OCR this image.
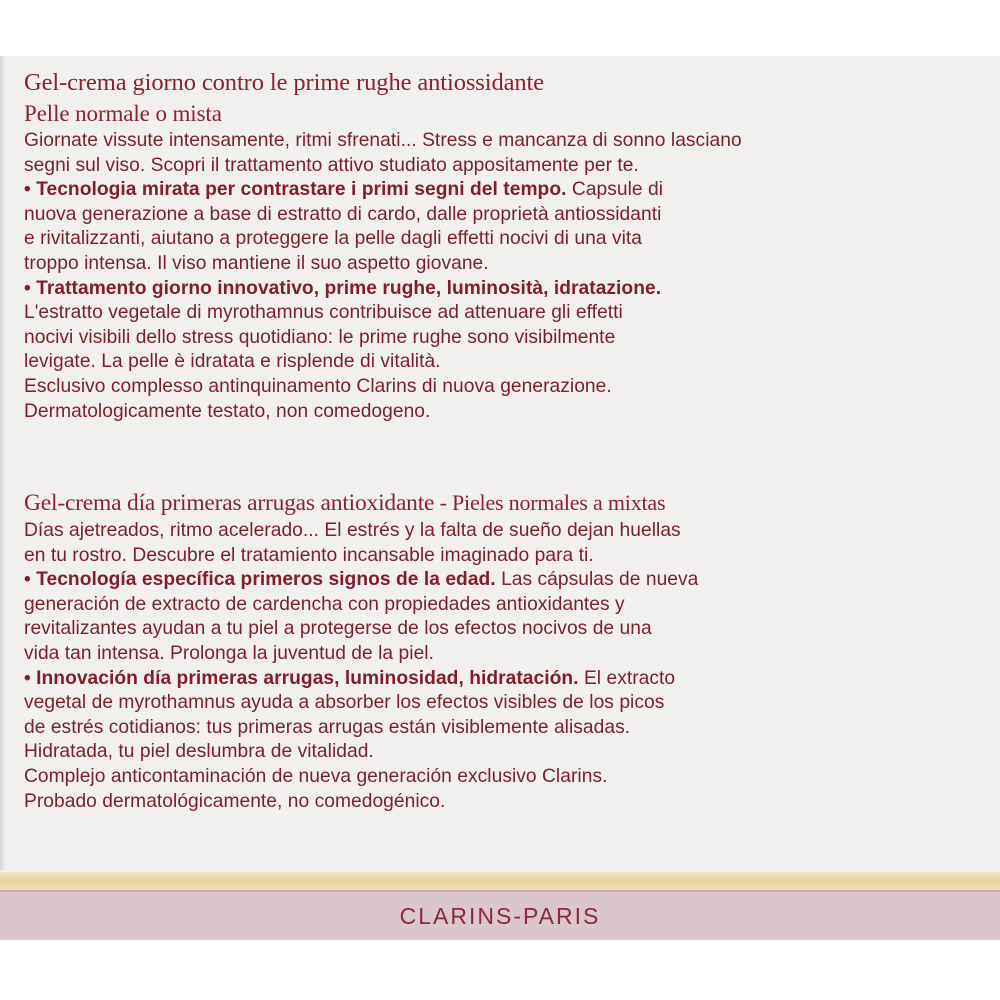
Gel-crema giorno contro le prime rughe antiossidante
Pelle normale o mista
Giornate vissute intensamente, ritmi sfrenati... Stress e mancanza di sonno lasciano
segni sul viso. Scopri il trattamento attivo studiato appositamente per te.
• Tecnologia mirata per contrastare i primi segni del tempo. Capsule di
nuova generazione a base di estratto di cardo, dalle proprietà antiossidanti
e rivitalizzanti, aiutano a proteggere la pelle dagli effetti nocivi di una vita
troppo intensa. Il viso mantiene il suo aspetto giovane.
• Trattamento giorno innovativo, prime rughe, luminosità, idratazione.
L'estratto vegetale di myrothamnus contribuisce ad attenuare gli effetti
nocivi visibili dello stress quotidiano: le prime rughe sono visibilmente
levigate. La pelle è idratata e risplende di vitalità.
Esclusivo complesso antinquinamento Clarins di nuova generazione.
Dermatologicamente testato, non comedogeno.
Gel-crema día primeras arrugas antioxidante - Pieles normales a mixtas
Días ajetreados, ritmo acelerado... El estrés y la falta de sueño dejan huellas
en tu rostro. Descubre el tratamiento incansable imaginado para ti.
• Tecnología específica primeros signos de la edad. Las cápsulas de nueva
generación de extracto de cardencha con propiedades antioxidantes y
revitalizantes ayudan a tu piel a protegerse de los efectos nocivos de una
vida tan intensa. Prolonga la juventud de la piel.
• Innovación día primeras arrugas, luminosidad, hidratación. El extracto
vegetal de myrothamnus ayuda a absorber los efectos visibles de los picos
de estrés cotidianos: tus primeras arrugas están visiblemente alisadas.
Hidratada, tu piel deslumbra de vitalidad.
Complejo anticontaminación de nueva generación exclusivo Clarins.
Probado dermatológicamente, no comedogénico.
CLARINS-PARIS
